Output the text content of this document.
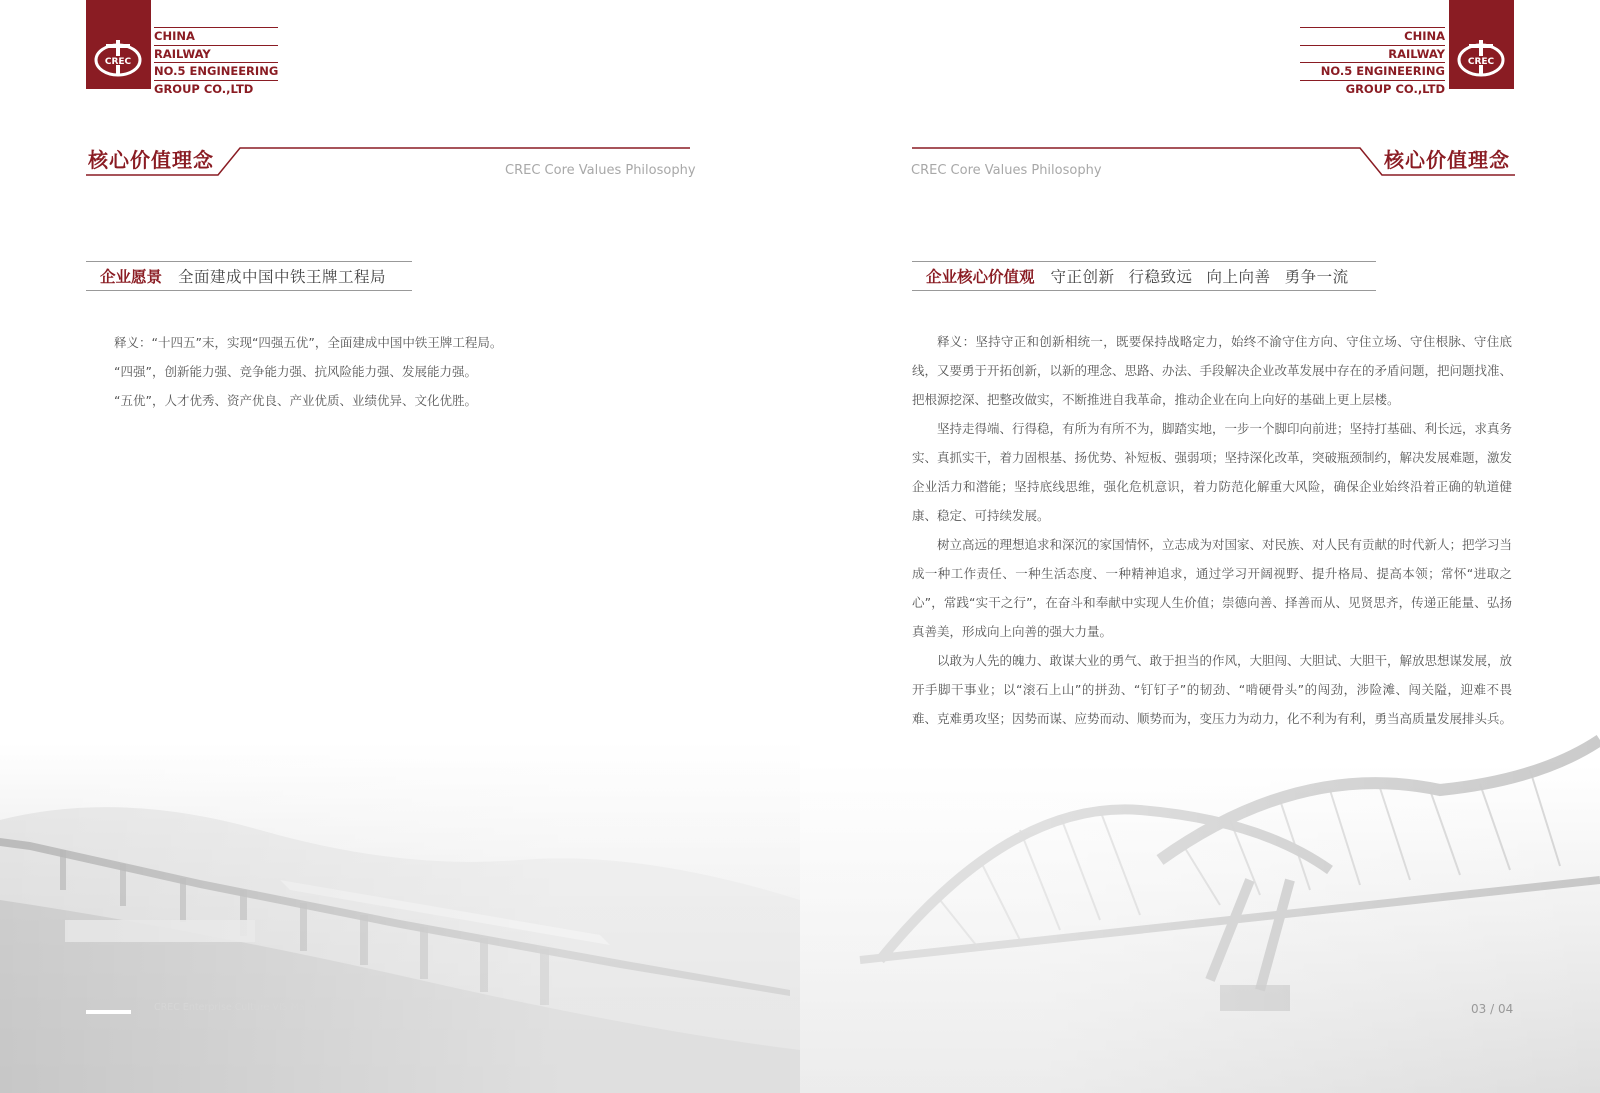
CREC
CHINA
RAILWAY
NO.5 ENGINEERING
GROUP CO.,LTD
CHINA
RAILWAY
NO.5 ENGINEERING
GROUP CO.,LTD
CREC
核心价值理念	CREC Core Values Philosophy	CREC Core Values Philosophy	核心价值理念
企业愿景 全面建成中国中铁王牌工程局	企业核心价值观 守正创新 行稳致远 向上向善 勇争一流

释义：“十四五”末，实现“四强五优”，全面建成中国中铁王牌工程局。

“四强”，创新能力强、竞争能力强、抗风险能力强、发展能力强。

“五优”，人才优秀、资产优良、产业优质、业绩优异、文化优胜。

释义：坚持守正和创新相统一，既要保持战略定力，始终不渝守住方向、守住立场、守住根脉、守住底线，又要勇于开拓创新，以新的理念、思路、办法、手段解决企业改革发展中存在的矛盾问题，把问题找准、把根源挖深、把整改做实，不断推进自我革命，推动企业在向上向好的基础上更上层楼。

坚持走得端、行得稳，有所为有所不为，脚踏实地，一步一个脚印向前进；坚持打基础、利长远，求真务实、真抓实干，着力固根基、扬优势、补短板、强弱项；坚持深化改革，突破瓶颈制约，解决发展难题，激发企业活力和潜能；坚持底线思维，强化危机意识，着力防范化解重大风险，确保企业始终沿着正确的轨道健康、稳定、可持续发展。

树立高远的理想追求和深沉的家国情怀，立志成为对国家、对民族、对人民有贡献的时代新人；把学习当成一种工作责任、一种生活态度、一种精神追求，通过学习开阔视野、提升格局、提高本领；常怀“进取之心”，常践“实干之行”，在奋斗和奉献中实现人生价值；崇德向善、择善而从、见贤思齐，传递正能量、弘扬真善美，形成向上向善的强大力量。

以敢为人先的魄力、敢谋大业的勇气、敢于担当的作风，大胆闯、大胆试、大胆干，解放思想谋发展，放开手脚干事业；以“滚石上山”的拼劲、“钉钉子”的韧劲、“啃硬骨头”的闯劲，涉险滩、闯关隘，迎难不畏难、克难勇攻坚；因势而谋、应势而动、顺势而为，变压力为动力，化不利为有利，勇当高质量发展排头兵。

CREC Enterprise Culture VIS Manual	03 / 04
